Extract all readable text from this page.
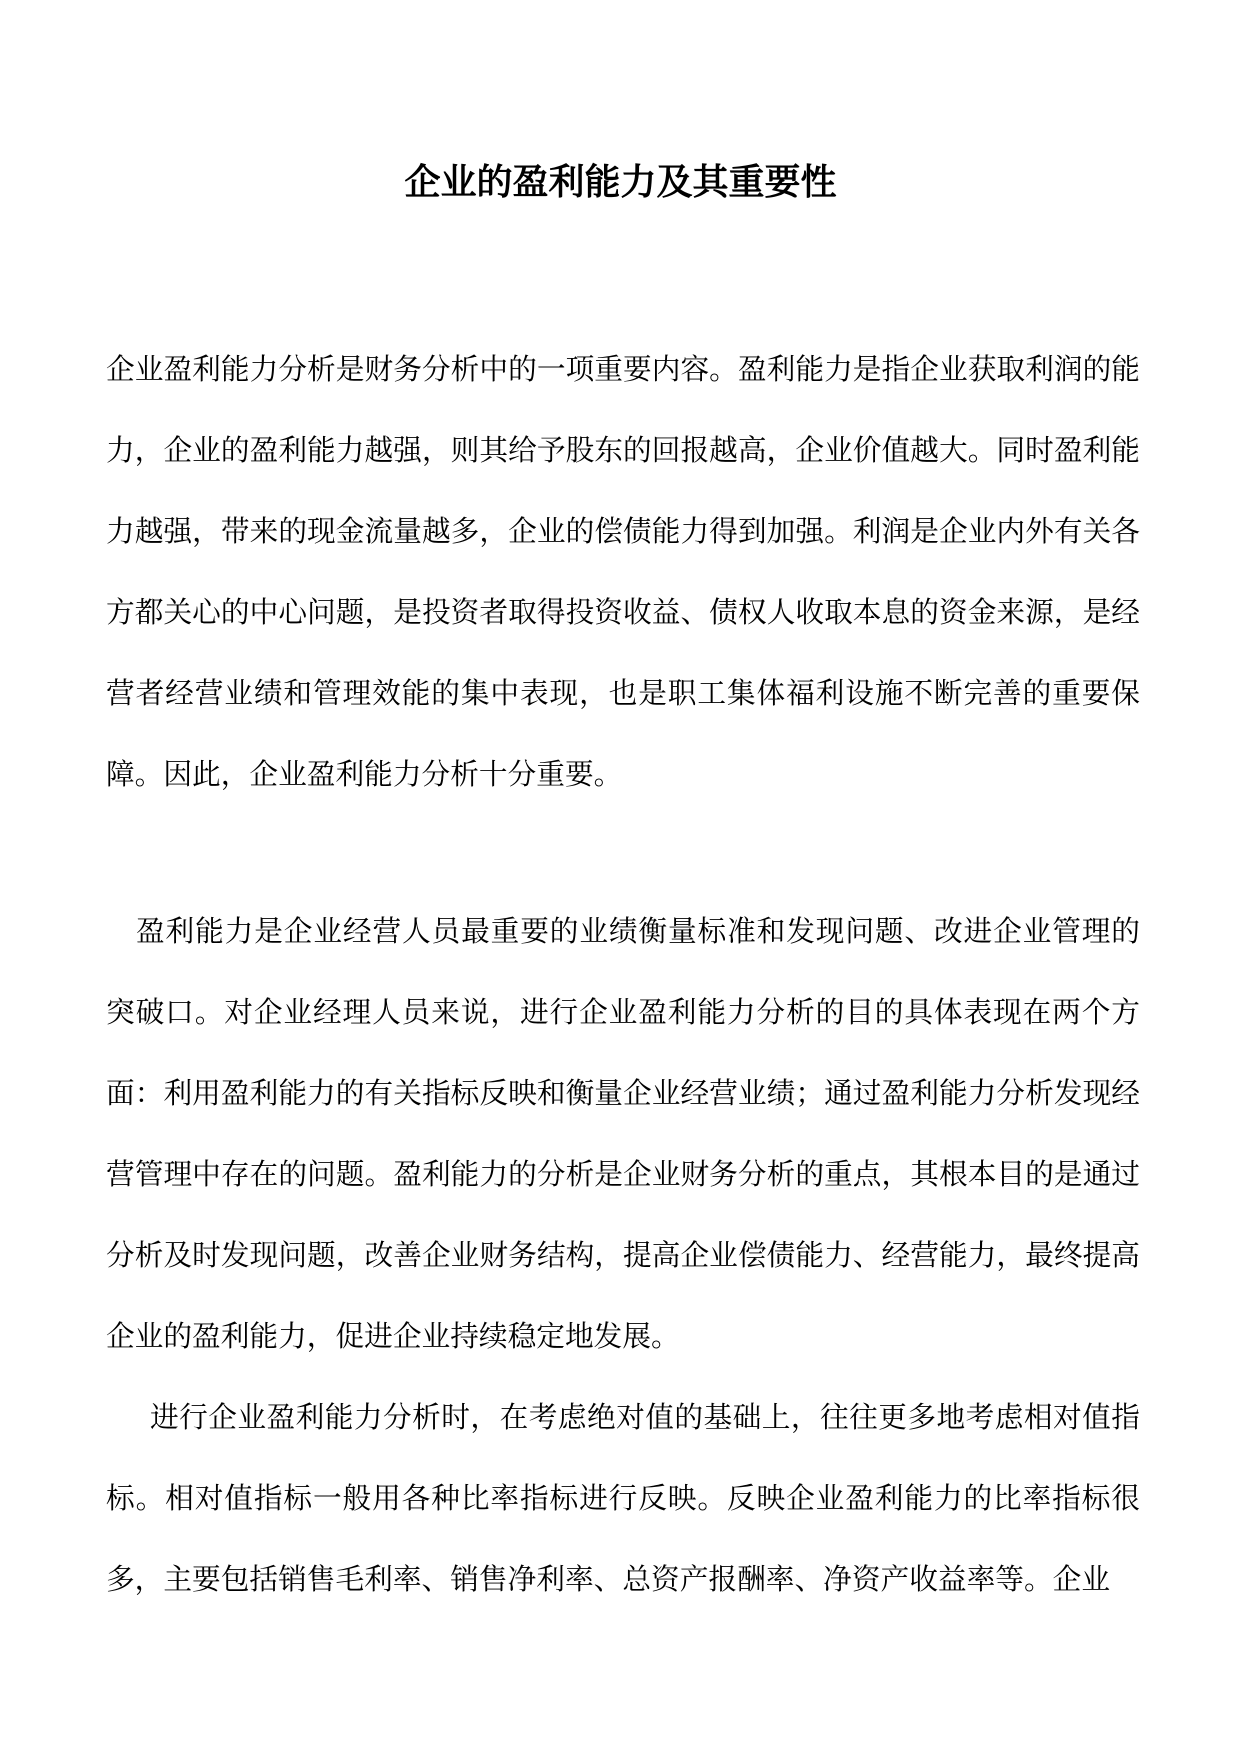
企业的盈利能力及其重要性

企业盈利能力分析是财务分析中的一项重要内容。盈利能力是指企业获取利润的能力，企业的盈利能力越强，则其给予股东的回报越高，企业价值越大。同时盈利能力越强，带来的现金流量越多，企业的偿债能力得到加强。利润是企业内外有关各方都关心的中心问题，是投资者取得投资收益、债权人收取本息的资金来源，是经营者经营业绩和管理效能的集中表现，也是职工集体福利设施不断完善的重要保障。因此，企业盈利能力分析十分重要。

盈利能力是企业经营人员最重要的业绩衡量标准和发现问题、改进企业管理的突破口。对企业经理人员来说，进行企业盈利能力分析的目的具体表现在两个方面：利用盈利能力的有关指标反映和衡量企业经营业绩；通过盈利能力分析发现经营管理中存在的问题。盈利能力的分析是企业财务分析的重点，其根本目的是通过分析及时发现问题，改善企业财务结构，提高企业偿债能力、经营能力，最终提高企业的盈利能力，促进企业持续稳定地发展。

进行企业盈利能力分析时，在考虑绝对值的基础上，往往更多地考虑相对值指标。相对值指标一般用各种比率指标进行反映。反映企业盈利能力的比率指标很多，主要包括销售毛利率、销售净利率、总资产报酬率、净资产收益率等。企业
